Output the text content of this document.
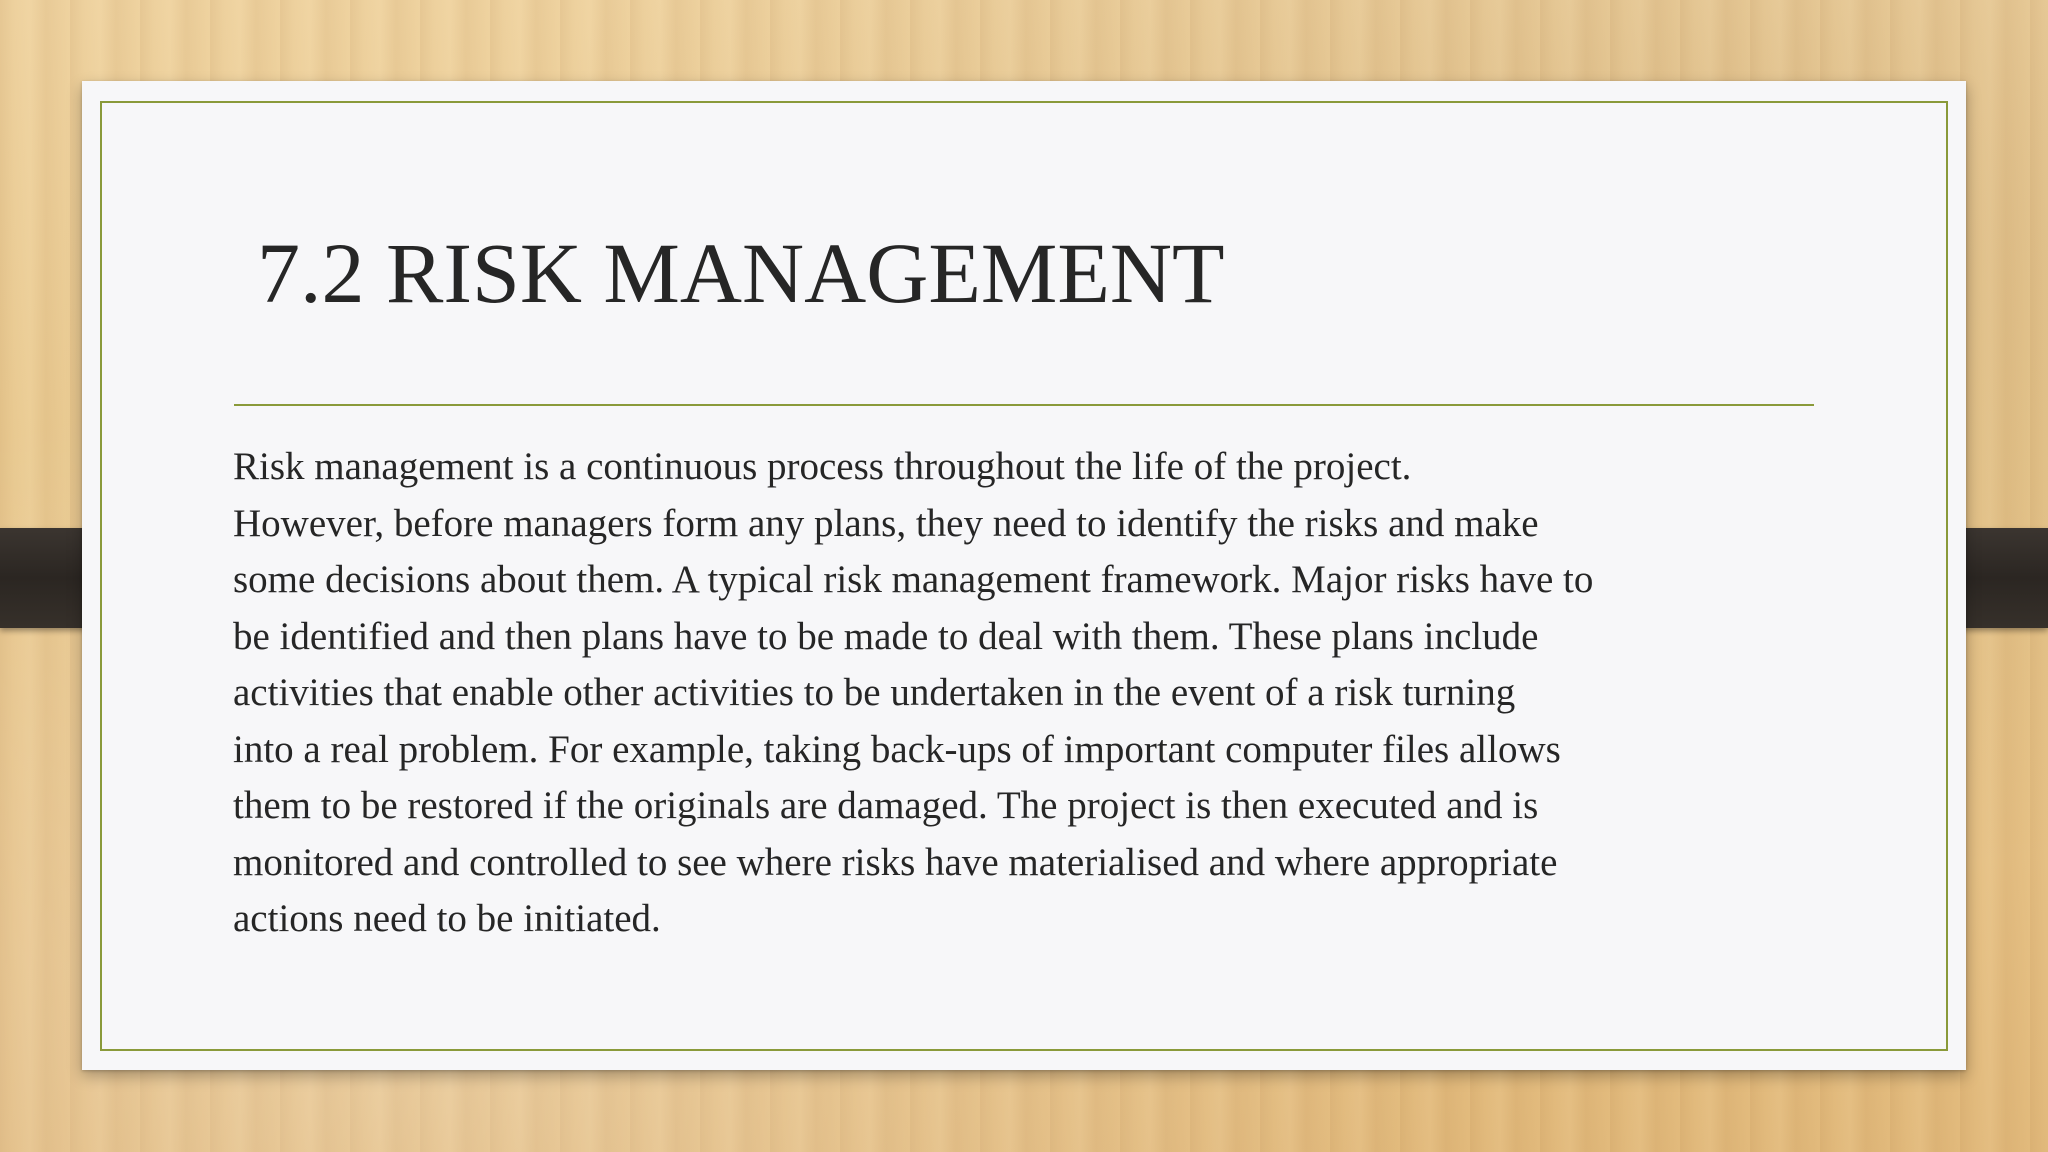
7.2 RISK MANAGEMENT

Risk management is a continuous process throughout the life of the project.
However, before managers form any plans, they need to identify the risks and make
some decisions about them. A typical risk management framework. Major risks have to
be identified and then plans have to be made to deal with them. These plans include
activities that enable other activities to be undertaken in the event of a risk turning
into a real problem. For example, taking back-ups of important computer files allows
them to be restored if the originals are damaged. The project is then executed and is
monitored and controlled to see where risks have materialised and where appropriate
actions need to be initiated.
